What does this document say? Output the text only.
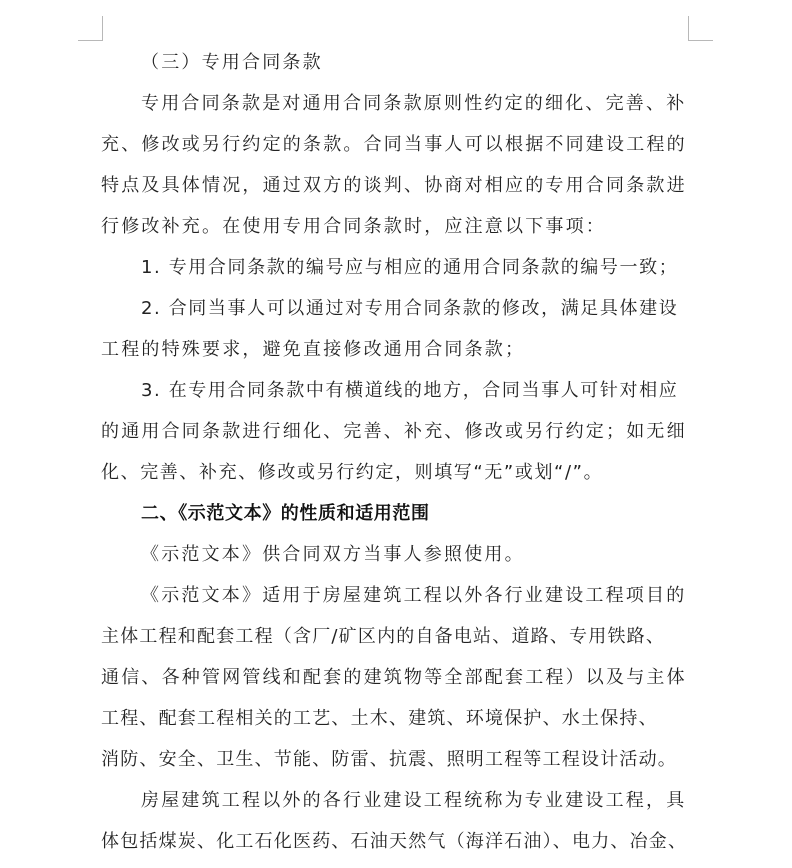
（三）专用合同条款
专用合同条款是对通用合同条款原则性约定的细化、完善、补
充、修改或另行约定的条款。合同当事人可以根据不同建设工程的
特点及具体情况，通过双方的谈判、协商对相应的专用合同条款进
行修改补充。在使用专用合同条款时，应注意以下事项：
1. 专用合同条款的编号应与相应的通用合同条款的编号一致；
2. 合同当事人可以通过对专用合同条款的修改，满足具体建设
工程的特殊要求，避免直接修改通用合同条款；
3. 在专用合同条款中有横道线的地方，合同当事人可针对相应
的通用合同条款进行细化、完善、补充、修改或另行约定；如无细
化、完善、补充、修改或另行约定，则填写“无”或划“/”。
二、《示范文本》的性质和适用范围
《示范文本》供合同双方当事人参照使用。
《示范文本》适用于房屋建筑工程以外各行业建设工程项目的
主体工程和配套工程（含厂/矿区内的自备电站、道路、专用铁路、
通信、各种管网管线和配套的建筑物等全部配套工程）以及与主体
工程、配套工程相关的工艺、土木、建筑、环境保护、水土保持、
消防、安全、卫生、节能、防雷、抗震、照明工程等工程设计活动。
房屋建筑工程以外的各行业建设工程统称为专业建设工程，具
体包括煤炭、化工石化医药、石油天然气（海洋石油）、电力、冶金、
